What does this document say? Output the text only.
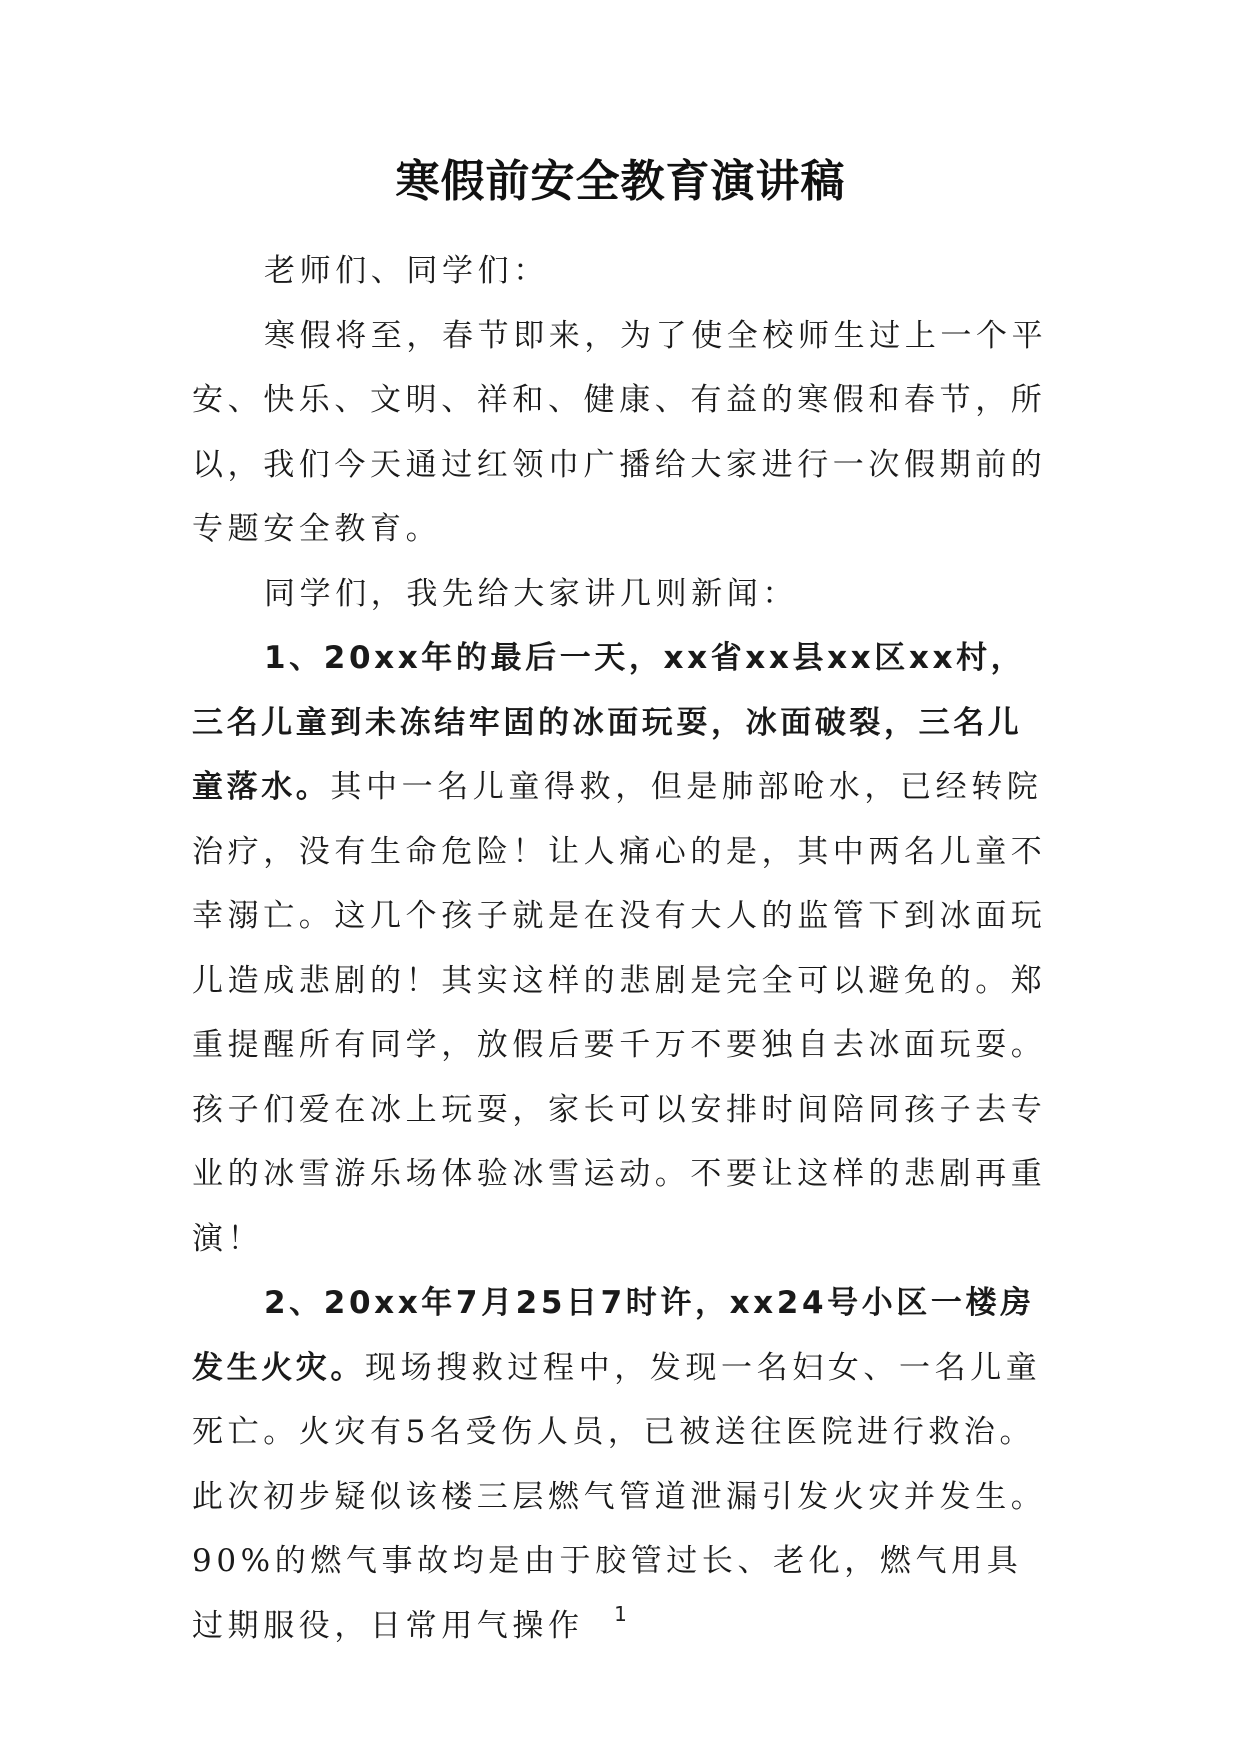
寒假前安全教育演讲稿

老师们、同学们：

寒假将至，春节即来，为了使全校师生过上一个平安、快乐、文明、祥和、健康、有益的寒假和春节，所以，我们今天通过红领巾广播给大家进行一次假期前的专题安全教育。

同学们，我先给大家讲几则新闻：

1、20xx年的最后一天，xx省xx县xx区xx村，三名儿童到未冻结牢固的冰面玩耍，冰面破裂，三名儿童落水。其中一名儿童得救，但是肺部呛水，已经转院治疗，没有生命危险！让人痛心的是，其中两名儿童不幸溺亡。这几个孩子就是在没有大人的监管下到冰面玩儿造成悲剧的！其实这样的悲剧是完全可以避免的。郑重提醒所有同学，放假后要千万不要独自去冰面玩耍。孩子们爱在冰上玩耍，家长可以安排时间陪同孩子去专业的冰雪游乐场体验冰雪运动。不要让这样的悲剧再重演！

2、20xx年7月25日7时许，xx24号小区一楼房发生火灾。现场搜救过程中，发现一名妇女、一名儿童死亡。火灾有5名受伤人员，已被送往医院进行救治。此次初步疑似该楼三层燃气管道泄漏引发火灾并发生。90%的燃气事故均是由于胶管过长、老化，燃气用具过期服役，日常用气操作	1
